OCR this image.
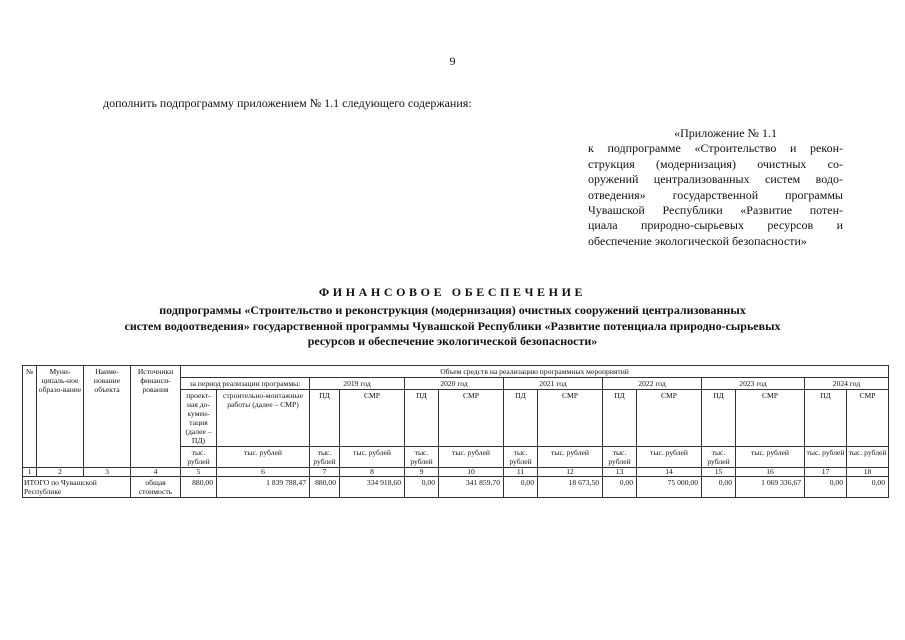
9
дополнить подпрограмму приложением № 1.1 следующего содержания:
«Приложение № 1.1
к подпрограмме «Строительство и рекон-
струкция (модернизация) очистных со-
оружений централизованных систем водо-
отведения» государственной программы
Чувашской Республики «Развитие потен-
циала природно-сырьевых ресурсов и
обеспечение экологической безопасности»
ФИНАНСОВОЕ ОБЕСПЕЧЕНИЕ
подпрограммы «Строительство и реконструкция (модернизация) очистных сооружений централизованных
систем водоотведения» государственной программы Чувашской Республики «Развитие потенциала природно-сырьевых
ресурсов и обеспечение экологической безопасности»
№	Муни-ципаль-ное образо-вание	Наиме-нование объекта	Источники финанси-рования	Объем средств на реализацию программных мероприятий													
				за период реализации программы:		2019 год		2020 год		2021 год		2022 год		2023 год		2024 год	
				проект-ная до-кумен-тация (далее – ПД)	строительно-монтажные работы (далее – СМР)	ПД	СМР	ПД	СМР	ПД	СМР	ПД	СМР	ПД	СМР	ПД	СМР
				тыс. рублей	тыс. рублей	тыс. рублей	тыс. рублей	тыс. рублей	тыс. рублей	тыс. рублей	тыс. рублей	тыс. рублей	тыс. рублей	тыс. рублей	тыс. рублей	тыс. рублей	тыс. рублей
1	2	3	4	5	6	7	8	9	10	11	12	13	14	15	16	17	18
ИТОГО по Чувашской Республике			общая стоимость	880,00	1 839 788,47	880,00	334 918,60	0,00	341 859,70	0,00	18 673,50	0,00	75 000,00	0,00	1 069 336,67	0,00	0,00
